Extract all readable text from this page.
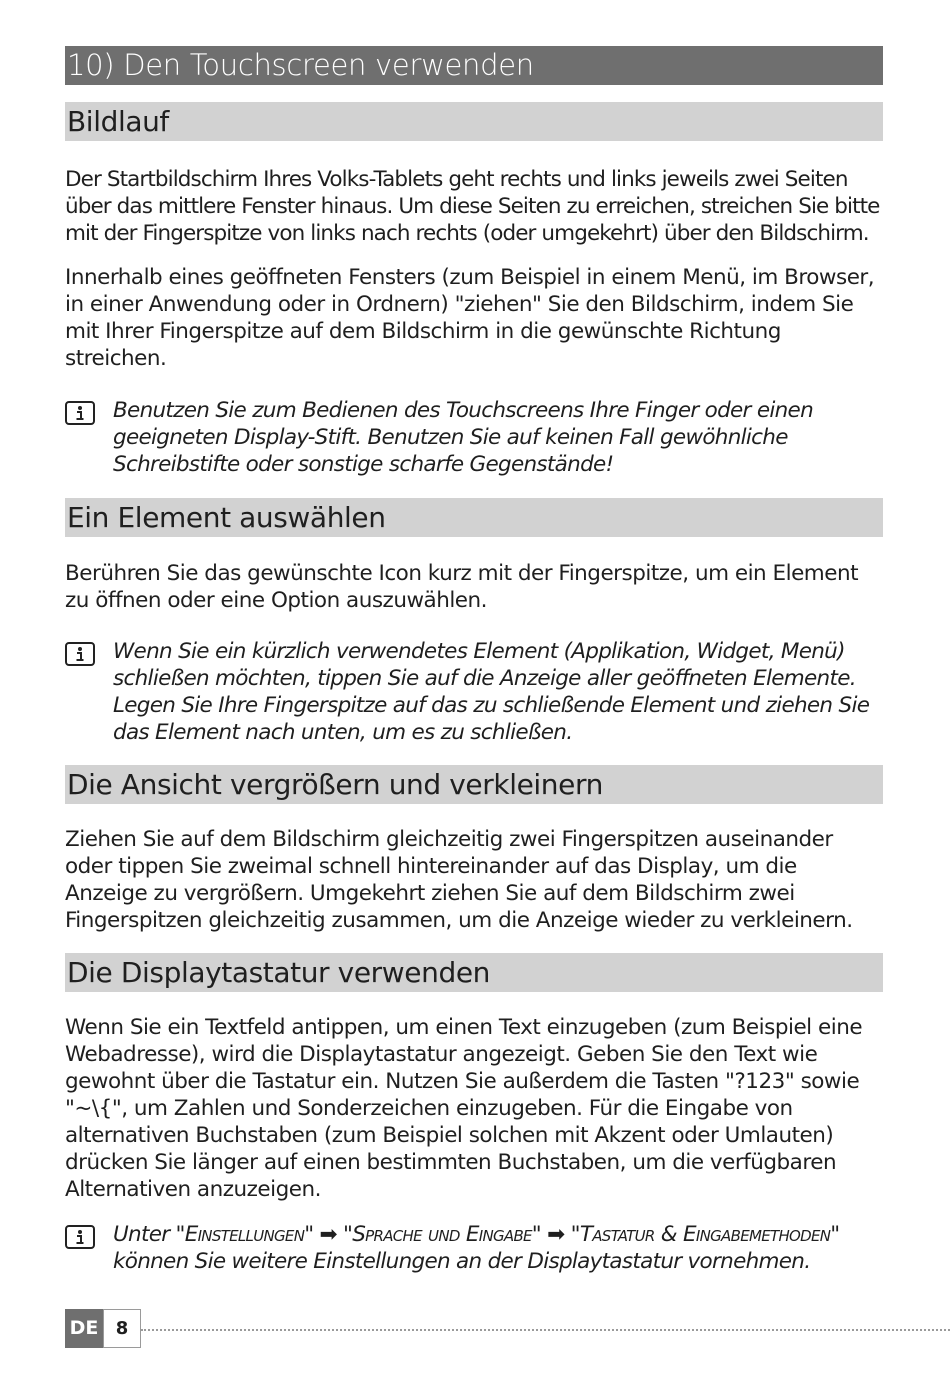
10) Den Touchscreen verwenden
Bildlauf

Der Startbildschirm Ihres Volks-Tablets geht rechts und links jeweils zwei Seiten über das mittlere Fenster hinaus. Um diese Seiten zu erreichen, streichen Sie bitte mit der Fingerspitze von links nach rechts (oder umgekehrt) über den Bildschirm.

Innerhalb eines geöffneten Fensters (zum Beispiel in einem Menü, im Browser, in einer Anwendung oder in Ordnern) "ziehen" Sie den Bildschirm, indem Sie mit Ihrer Fingerspitze auf dem Bildschirm in die gewünschte Richtung streichen.

Benutzen Sie zum Bedienen des Touchscreens Ihre Finger oder einen geeigneten Display-Stift. Benutzen Sie auf keinen Fall gewöhnliche Schreibstifte oder sonstige scharfe Gegenstände!

Ein Element auswählen

Berühren Sie das gewünschte Icon kurz mit der Fingerspitze, um ein Element zu öffnen oder eine Option auszuwählen.

Wenn Sie ein kürzlich verwendetes Element (Applikation, Widget, Menü) schließen möchten, tippen Sie auf die Anzeige aller geöffneten Elemente. Legen Sie Ihre Fingerspitze auf das zu schließende Element und ziehen Sie das Element nach unten, um es zu schließen.

Die Ansicht vergrößern und verkleinern

Ziehen Sie auf dem Bildschirm gleichzeitig zwei Fingerspitzen auseinander oder tippen Sie zweimal schnell hintereinander auf das Display, um die Anzeige zu vergrößern. Umgekehrt ziehen Sie auf dem Bildschirm zwei Fingerspitzen gleichzeitig zusammen, um die Anzeige wieder zu verkleinern.

Die Displaytastatur verwenden

Wenn Sie ein Textfeld antippen, um einen Text einzugeben (zum Beispiel eine Webadresse), wird die Displaytastatur angezeigt. Geben Sie den Text wie gewohnt über die Tastatur ein. Nutzen Sie außerdem die Tasten "?123" sowie "~\{", um Zahlen und Sonderzeichen einzugeben. Für die Eingabe von alternativen Buchstaben (zum Beispiel solchen mit Akzent oder Umlauten) drücken Sie länger auf einen bestimmten Buchstaben, um die verfügbaren Alternativen anzuzeigen.

Unter "Einstellungen" ➡ "Sprache und Eingabe" ➡ "Tastatur & Eingabemethoden"
können Sie weitere Einstellungen an der Displaytastatur vornehmen.

DE 8
